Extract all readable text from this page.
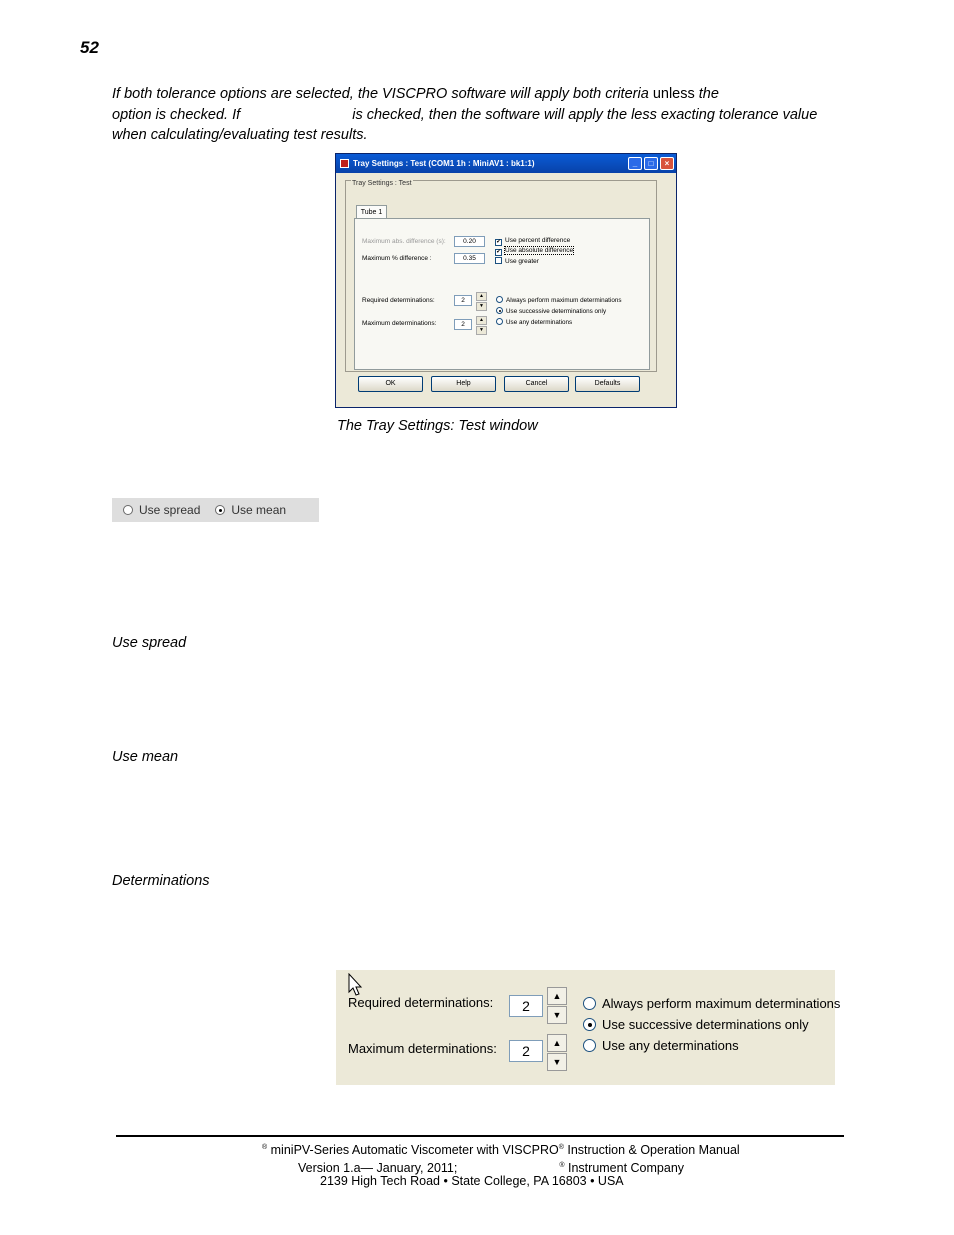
52
If both tolerance options are selected, the VISCPRO software will apply both criteria unless the  option is checked. If	is checked, then the software will apply the less exacting tolerance value when calculating/evaluating test results.
Tray Settings : Test (COM1 1h : MiniAV1 : bk1:1)	_	□	×
Tray Settings : Test
Tube 1
Maximum abs. difference (s):	0.20
Maximum % difference :	0.35
✔Use percent difference
✔Use absolute difference
Use greater
Required determinations:	2
▲
▼
Maximum determinations:	2
▲
▼
Always perform maximum determinations
Use successive determinations only
Use any determinations
OK	Help	Cancel	Defaults
The Tray Settings: Test window
Use spread	Use mean
Use spread
Use mean
Determinations
Required determinations:	2
▲
▼
Maximum determinations:	2	▲
▼
Always perform maximum determinations
Use successive determinations only
Use any determinations
® miniPV-Series Automatic Viscometer with VISCPRO® Instruction & Operation Manual
Version 1.a— January, 2011;	® Instrument Company
2139 High Tech Road • State College, PA 16803 • USA
